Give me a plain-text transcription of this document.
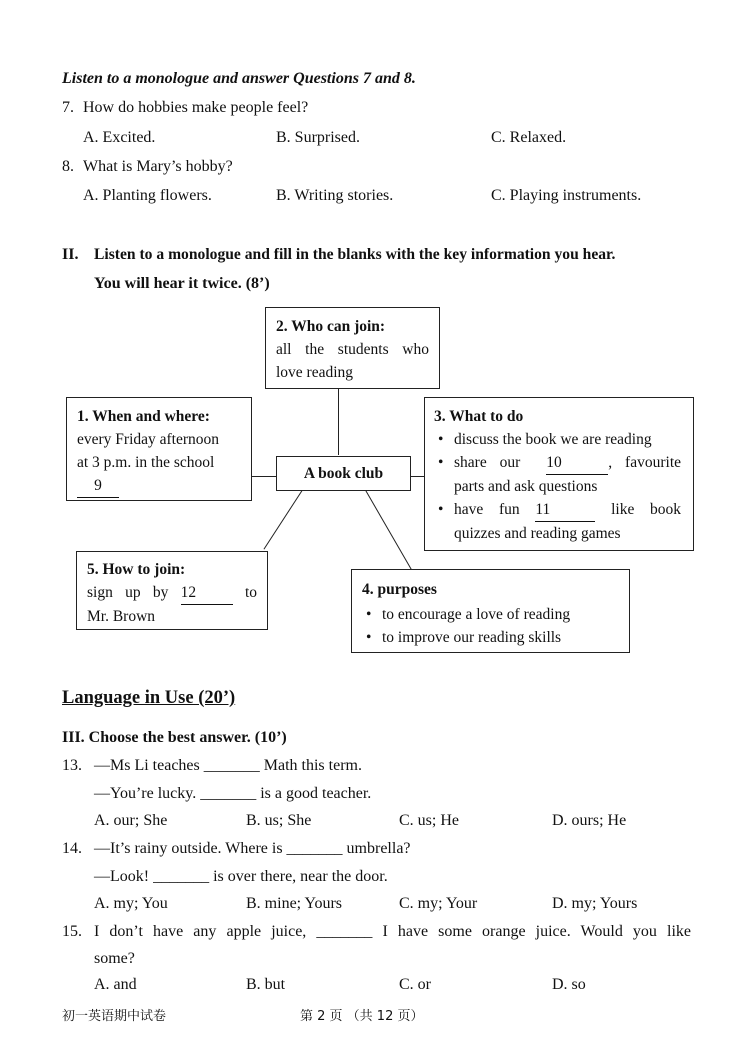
Listen to a monologue and answer Questions 7 and 8.
7. How do hobbies make people feel?
A. Excited.	B. Surprised.	C. Relaxed.
8. What is Mary’s hobby?
A. Planting flowers.	B. Writing stories.	C. Playing instruments.
II. Listen to a monologue and fill in the blanks with the key information you hear.
You will hear it twice. (8’)
2. Who can join:
all the students who
love reading
1. When and where:
every Friday afternoon
at 3 p.m. in the school
9
A book club
3. What to do
• discuss the book we are reading
• share our 10	, favourite
parts and ask questions
• have fun 11	like book
quizzes and reading games
5. How to join:
sign up by 12	to
Mr. Brown
4. purposes
• to encourage a love of reading
• to improve our reading skills
Language in Use (20’)
III. Choose the best answer. (10’)
13. —Ms Li teaches _______ Math this term.
—You’re lucky. _______ is a good teacher.
A. our; She	B. us; She	C. us; He	D. ours; He
14. —It’s rainy outside. Where is _______ umbrella?
—Look! _______ is over there, near the door.
A. my; You	B. mine; Yours	C. my; Your	D. my; Yours
15. I don’t have any apple juice, _______ I have some orange juice. Would you like
some?
A. and	B. but	C. or	D. so
初一英语期中试卷	第 2 页 （共 12 页）
